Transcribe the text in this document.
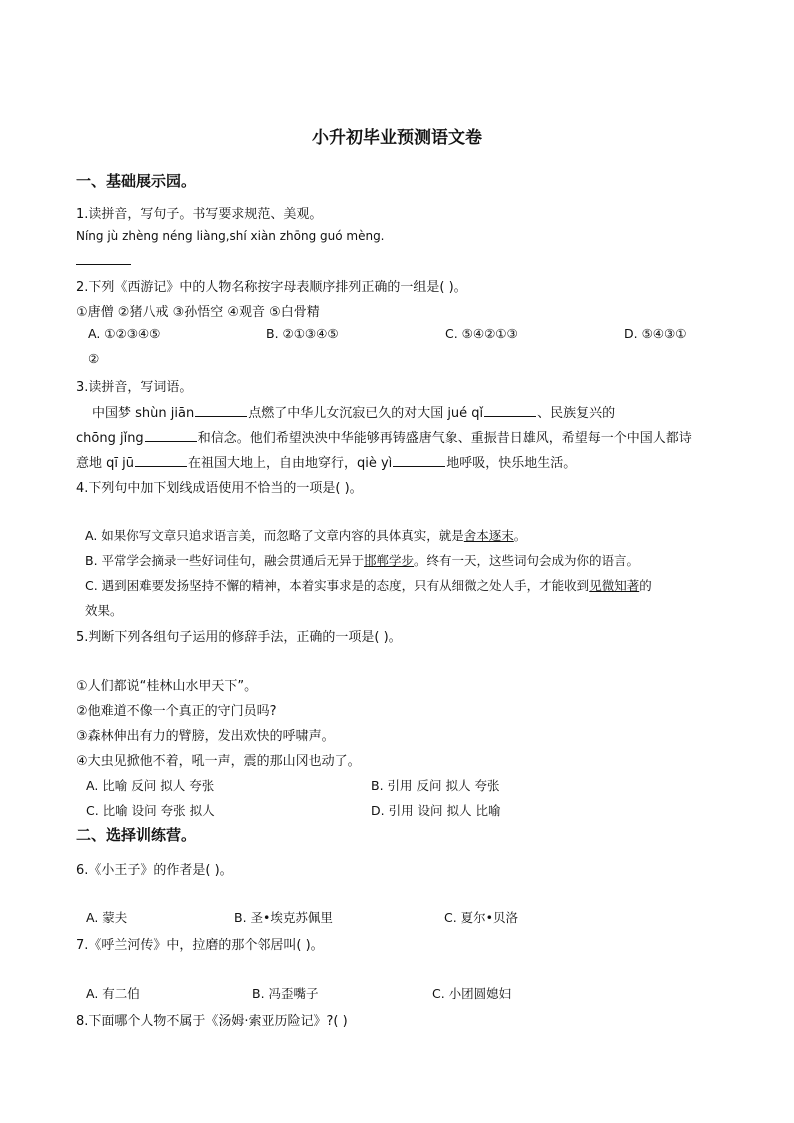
小升初毕业预测语文卷
一、基础展示园。
1.读拼音，写句子。书写要求规范、美观。
Níng jù zhèng néng liàng,shí xiàn zhōng guó mèng.
2.下列《西游记》中的人物名称按字母表顺序排列正确的一组是( )。
①唐僧 ②猪八戒 ③孙悟空 ④观音 ⑤白骨精
A. ①②③④⑤	B. ②①③④⑤	C. ⑤④②①③	D. ⑤④③①
②
3.读拼音，写词语。
中国梦 shùn jiān	点燃了中华儿女沉寂已久的对大国 jué qǐ	、民族复兴的
chōng jǐng	和信念。他们希望泱泱中华能够再铸盛唐气象、重振昔日雄风，希望每一个中国人都诗
意地 qī jū	在祖国大地上，自由地穿行，qiè yì	地呼吸，快乐地生活。
4.下列句中加下划线成语使用不恰当的一项是( )。
A. 如果你写文章只追求语言美，而忽略了文章内容的具体真实，就是舍本逐末。
B. 平常学会摘录一些好词佳句，融会贯通后无异于邯郸学步。终有一天，这些词句会成为你的语言。
C. 遇到困难要发扬坚持不懈的精神，本着实事求是的态度，只有从细微之处人手，才能收到见微知著的
效果。
5.判断下列各组句子运用的修辞手法，正确的一项是( )。
①人们都说“桂林山水甲天下”。
②他难道不像一个真正的守门员吗?
③森林伸出有力的臂膀，发出欢快的呼啸声。
④大虫见掀他不着，吼一声，震的那山冈也动了。
A. 比喻 反问 拟人 夸张	B. 引用 反问 拟人 夸张
C. 比喻 设问 夸张 拟人	D. 引用 设问 拟人 比喻
二、选择训练营。
6.《小王子》的作者是( )。
A. 蒙夫	B. 圣•埃克苏佩里	C. 夏尔•贝洛
7.《呼兰河传》中，拉磨的那个邻居叫( )。
A. 有二伯	B. 冯歪嘴子	C. 小团圆媳妇
8.下面哪个人物不属于《汤姆·索亚历险记》?( )
